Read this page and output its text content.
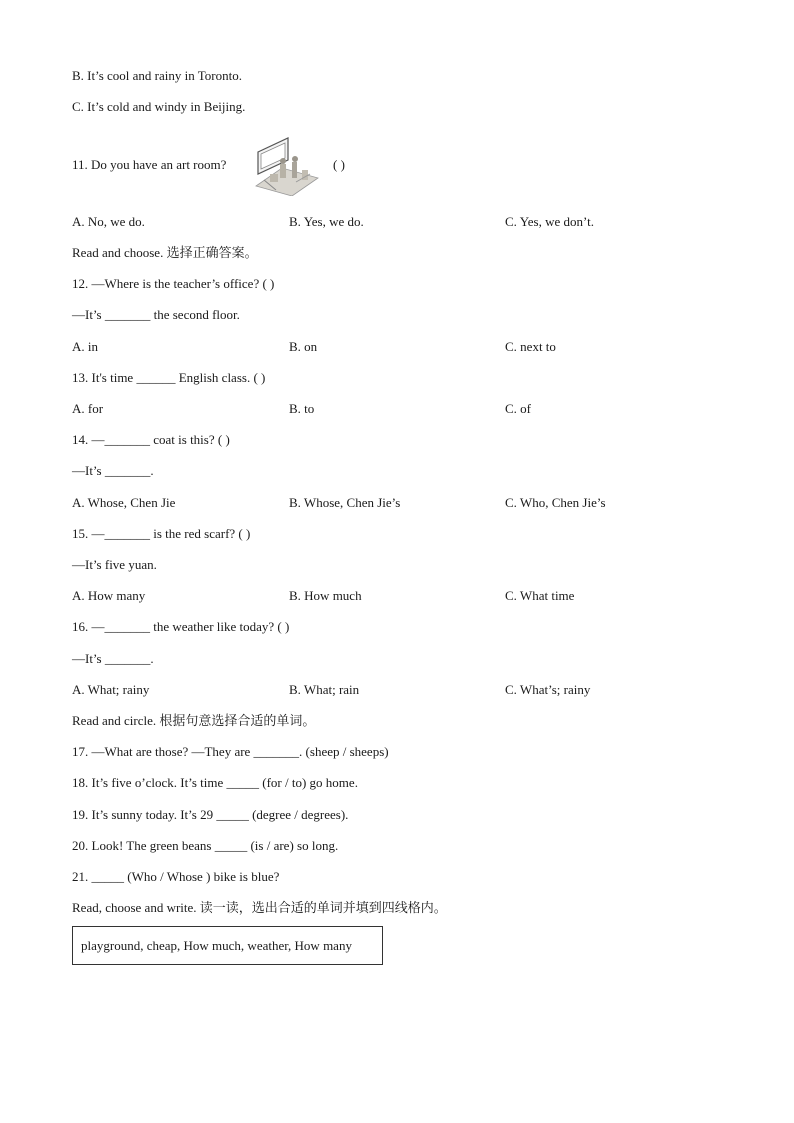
B. It’s cool and rainy in Toronto.
C. It’s cold and windy in Beijing.
11. Do you have an art room?	( )
A. No, we do.	B. Yes, we do.	C. Yes, we don’t.
Read and choose. 选择正确答案。
12. —Where is the teacher’s office? ( )
—It’s _______ the second floor.
A. in	B. on	C. next to
13. It's time ______ English class. ( )
A. for	B. to	C. of
14. —_______ coat is this? ( )
—It’s _______.
A. Whose, Chen Jie	B. Whose, Chen Jie’s	C. Who, Chen Jie’s
15. —_______ is the red scarf? ( )
—It’s five yuan.
A. How many	B. How much	C. What time
16. —_______ the weather like today? ( )
—It’s _______.
A. What; rainy	B. What; rain	C. What’s; rainy
Read and circle. 根据句意选择合适的单词。
17. —What are those? —They are _______. (sheep / sheeps)
18. It’s five o’clock. It’s time _____ (for / to) go home.
19. It’s sunny today. It’s 29 _____ (degree / degrees).
20. Look! The green beans _____ (is / are) so long.
21. _____ (Who / Whose ) bike is blue?
Read, choose and write. 读一读，选出合适的单词并填到四线格内。
playground, cheap, How much, weather, How many
